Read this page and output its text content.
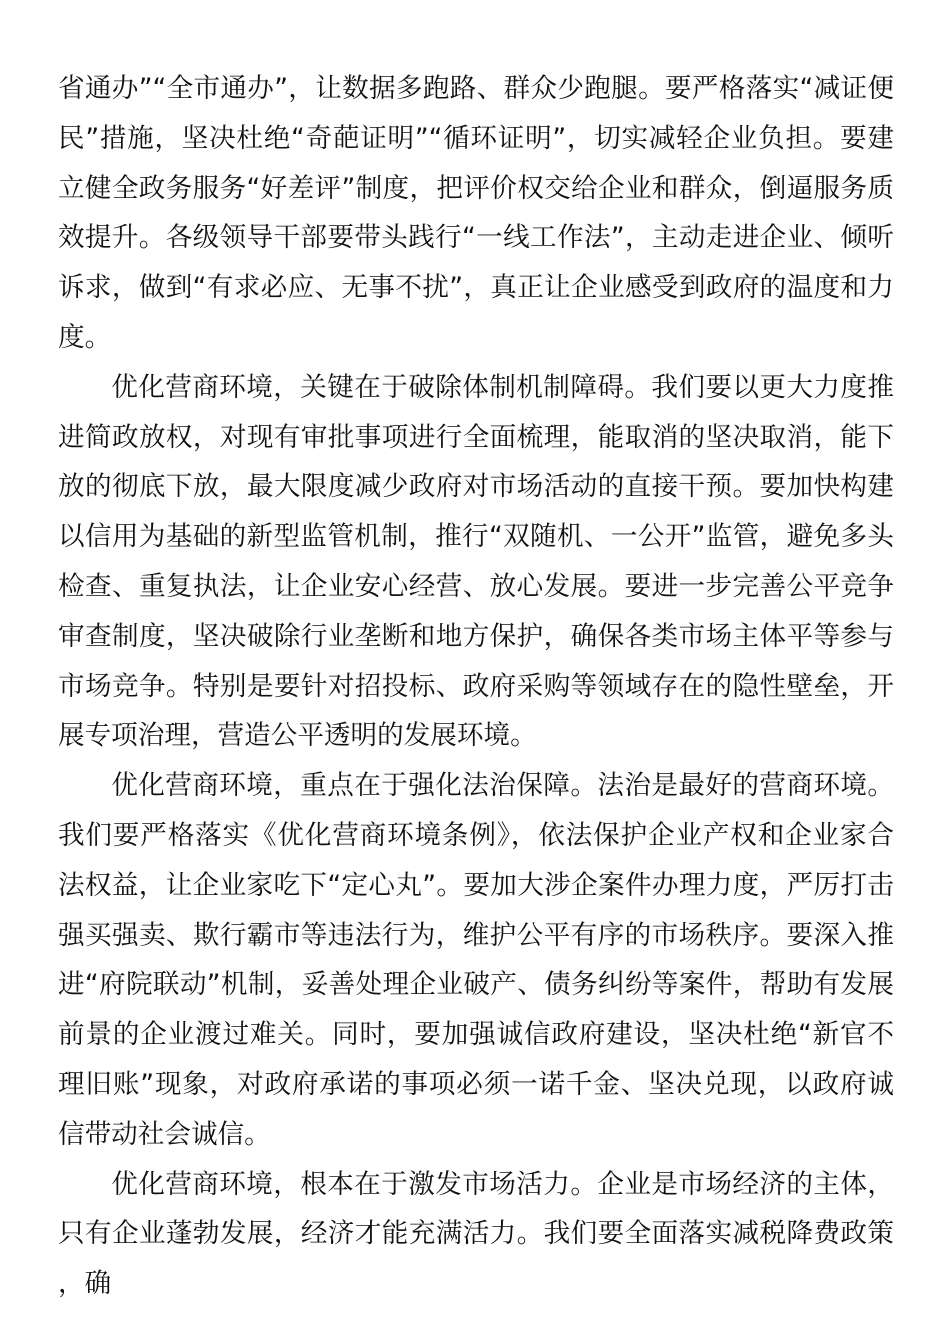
省通办”“全市通办”，让数据多跑路、群众少跑腿。要严格落实“减证便民”措施，坚决杜绝“奇葩证明”“循环证明”，切实减轻企业负担。要建立健全政务服务“好差评”制度，把评价权交给企业和群众，倒逼服务质效提升。各级领导干部要带头践行“一线工作法”，主动走进企业、倾听诉求，做到“有求必应、无事不扰”，真正让企业感受到政府的温度和力度。

优化营商环境，关键在于破除体制机制障碍。我们要以更大力度推进简政放权，对现有审批事项进行全面梳理，能取消的坚决取消，能下放的彻底下放，最大限度减少政府对市场活动的直接干预。要加快构建以信用为基础的新型监管机制，推行“双随机、一公开”监管，避免多头检查、重复执法，让企业安心经营、放心发展。要进一步完善公平竞争审查制度，坚决破除行业垄断和地方保护，确保各类市场主体平等参与市场竞争。特别是要针对招投标、政府采购等领域存在的隐性壁垒，开展专项治理，营造公平透明的发展环境。

优化营商环境，重点在于强化法治保障。法治是最好的营商环境。我们要严格落实《优化营商环境条例》，依法保护企业产权和企业家合法权益，让企业家吃下“定心丸”。要加大涉企案件办理力度，严厉打击强买强卖、欺行霸市等违法行为，维护公平有序的市场秩序。要深入推进“府院联动”机制，妥善处理企业破产、债务纠纷等案件，帮助有发展前景的企业渡过难关。同时，要加强诚信政府建设，坚决杜绝“新官不理旧账”现象，对政府承诺的事项必须一诺千金、坚决兑现，以政府诚信带动社会诚信。

优化营商环境，根本在于激发市场活力。企业是市场经济的主体，只有企业蓬勃发展，经济才能充满活力。我们要全面落实减税降费政策，确
